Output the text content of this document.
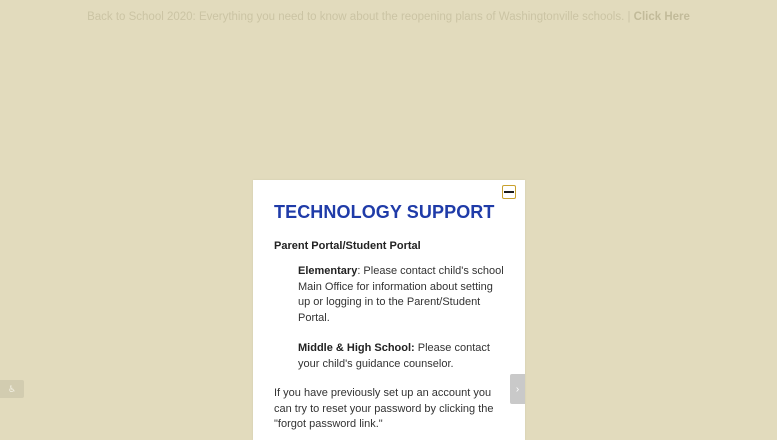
Back to School 2020: Everything you need to know about the reopening plans of Washingtonville schools. | Click Here
♿
TECHNOLOGY SUPPORT
Parent Portal/Student Portal
Elementary: Please contact child's school Main Office for information about setting up or logging in to the Parent/Student Portal.
Middle & High School: Please contact your child's guidance counselor.
If you have previously set up an account you can try to reset your password by clicking the "forgot password link."
›
